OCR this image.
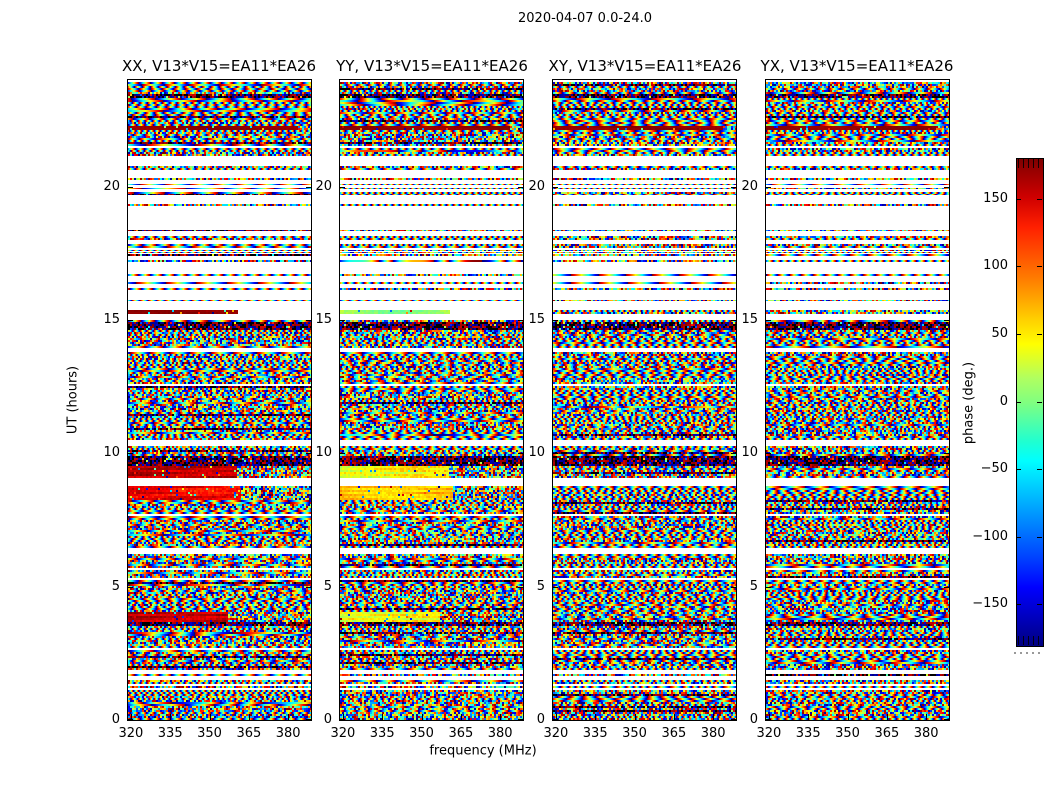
2020-04-07 0.0-24.0
XX, V13*V15=EA11*EA26 YY, V13*V15=EA11*EA26 XY, V13*V15=EA11*EA26 YX, V13*V15=EA11*EA26
frequency (MHz)
UT (hours)	phase (deg.)
0
5
10
15
20
320	335	350	365	380
0
5
10
15
20
320	335	350	365	380
0
5
10
15
20
320	335	350	365	380
0
5
10
15
20
320	335	350	365	380
−150
−100
−50
0
50
100
150
